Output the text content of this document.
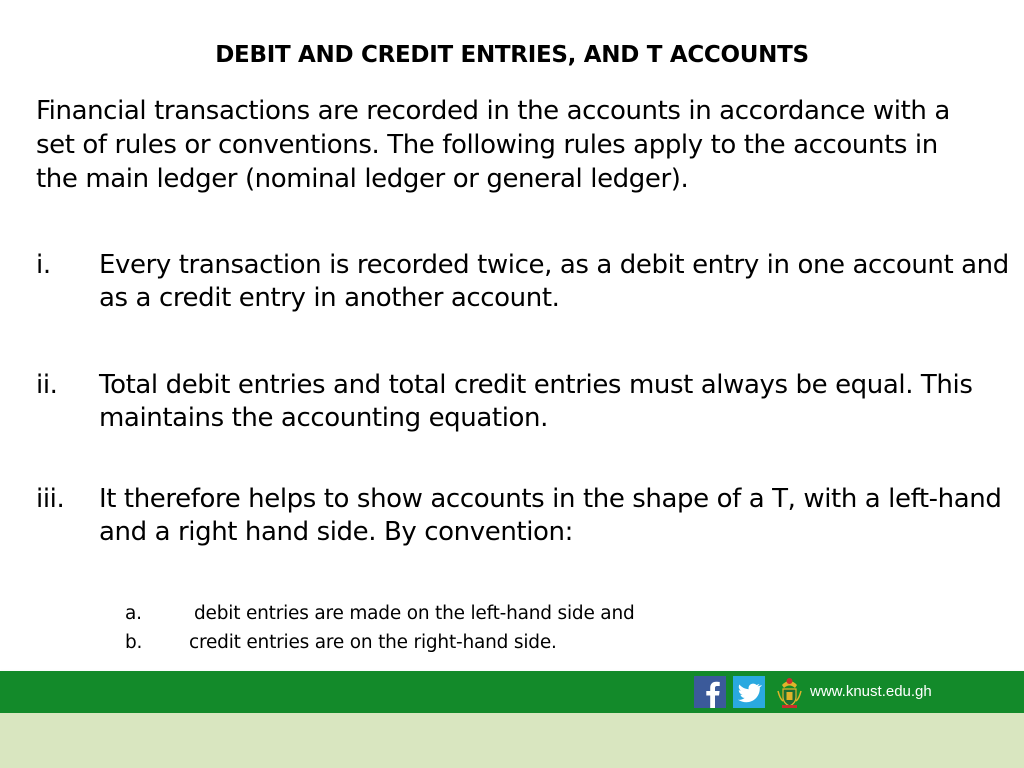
DEBIT AND CREDIT ENTRIES, AND T ACCOUNTS
Financial transactions are recorded in the accounts in accordance with a set of rules or conventions. The following rules apply to the accounts in the main ledger (nominal ledger or general ledger).
i.	Every transaction is recorded twice, as a debit entry in one account and as a credit entry in another account.
ii.	Total debit entries and total credit entries must always be equal. This maintains the accounting equation.
iii.	It therefore helps to show accounts in the shape of a T, with a left-hand and a right hand side. By convention:
a.	debit entries are made on the left-hand side and
b.	credit entries are on the right-hand side.
www.knust.edu.gh
